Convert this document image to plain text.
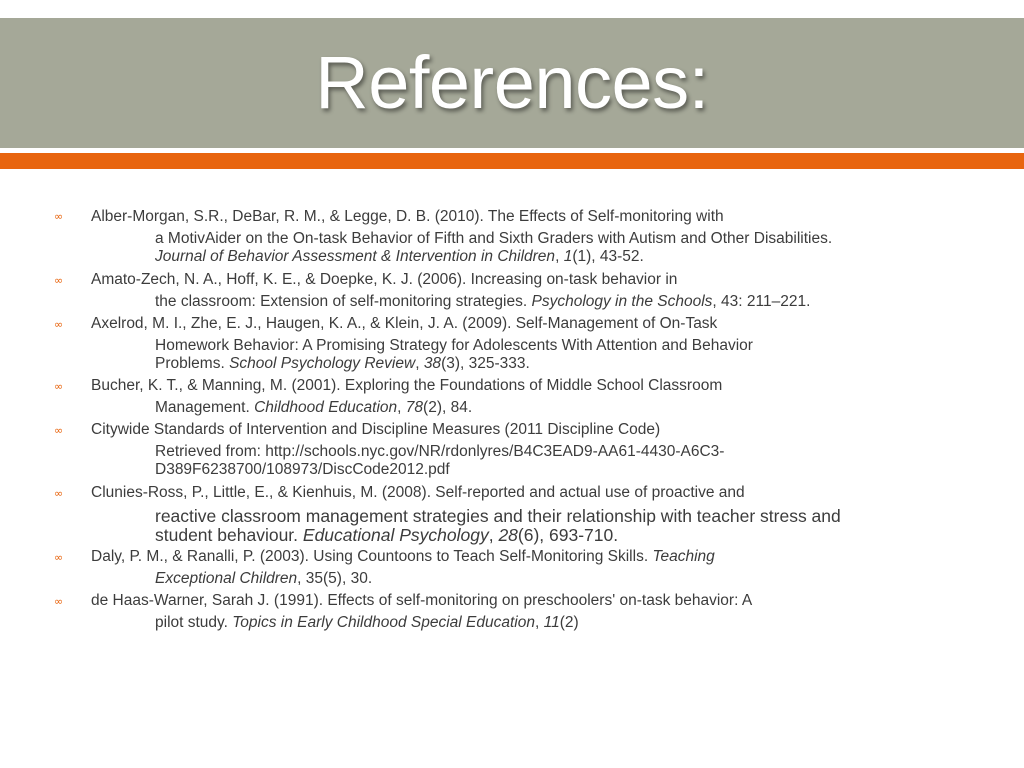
References:
∞	Alber-Morgan, S.R., DeBar, R. M., & Legge, D. B. (2010). The Effects of Self-monitoring with
a MotivAider on the On-task Behavior of Fifth and Sixth Graders with Autism and Other Disabilities.
Journal of Behavior Assessment & Intervention in Children, 1(1), 43-52.
∞	Amato-Zech, N. A., Hoff, K. E., & Doepke, K. J. (2006). Increasing on-task behavior in
the classroom: Extension of self-monitoring strategies. Psychology in the Schools, 43: 211–221.
∞	Axelrod, M. I., Zhe, E. J., Haugen, K. A., & Klein, J. A. (2009). Self-Management of On-Task
Homework Behavior: A Promising Strategy for Adolescents With Attention and Behavior
Problems. School Psychology Review, 38(3), 325-333.
∞	Bucher, K. T., & Manning, M. (2001). Exploring the Foundations of Middle School Classroom
Management. Childhood Education, 78(2), 84.
∞	Citywide Standards of Intervention and Discipline Measures (2011 Discipline Code)
Retrieved from: http://schools.nyc.gov/NR/rdonlyres/B4C3EAD9-AA61-4430-A6C3-
D389F6238700/108973/DiscCode2012.pdf
∞	Clunies-Ross, P., Little, E., & Kienhuis, M. (2008). Self-reported and actual use of proactive and
reactive classroom management strategies and their relationship with teacher stress and
student behaviour. Educational Psychology, 28(6), 693-710.
∞	Daly, P. M., & Ranalli, P. (2003). Using Countoons to Teach Self-Monitoring Skills. Teaching
Exceptional Children, 35(5), 30.
∞	de Haas-Warner, Sarah J. (1991). Effects of self-monitoring on preschoolers' on-task behavior: A
pilot study. Topics in Early Childhood Special Education, 11(2)
